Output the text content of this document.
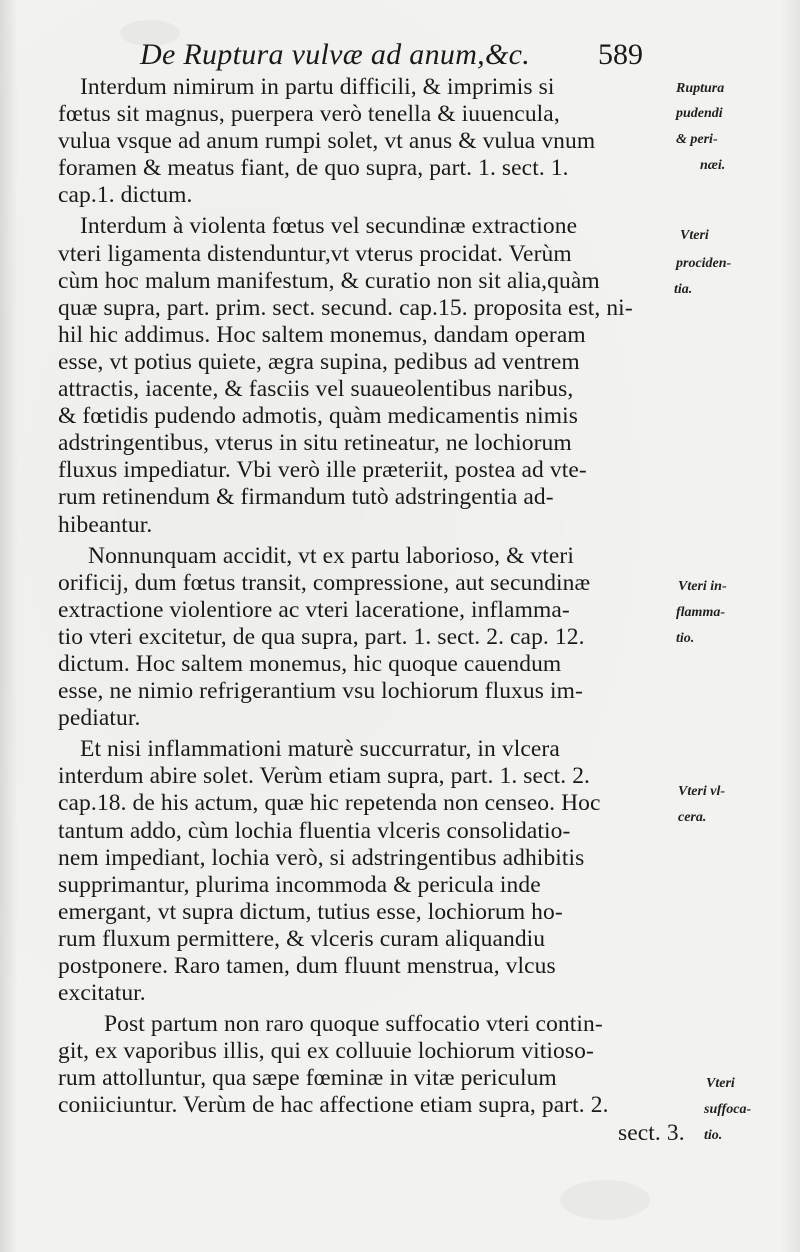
De Ruptura vulvæ ad anum,&c. 589
Interdum nimirum in partu difficili, & imprimis si
fœtus sit magnus, puerpera verò tenella & iuuencula,
vulua vsque ad anum rumpi solet, vt anus & vulua vnum
foramen & meatus fiant, de quo supra, part. 1. sect. 1.
cap.1. dictum.
Interdum à violenta fœtus vel secundinæ extractione
vteri ligamenta distenduntur,vt vterus procidat. Verùm
cùm hoc malum manifestum, & curatio non sit alia,quàm
quæ supra, part. prim. sect. secund. cap.15. proposita est, ni-
hil hic addimus. Hoc saltem monemus, dandam operam
esse, vt potius quiete, ægra supina, pedibus ad ventrem
attractis, iacente, & fasciis vel suaueolentibus naribus,
& fœtidis pudendo admotis, quàm medicamentis nimis
adstringentibus, vterus in situ retineatur, ne lochiorum
fluxus impediatur. Vbi verò ille præteriit, postea ad vte-
rum retinendum & firmandum tutò adstringentia ad-
hibeantur.
Nonnunquam accidit, vt ex partu laborioso, & vteri
orificij, dum fœtus transit, compressione, aut secundinæ
extractione violentiore ac vteri laceratione, inflamma-
tio vteri excitetur, de qua supra, part. 1. sect. 2. cap. 12.
dictum. Hoc saltem monemus, hic quoque cauendum
esse, ne nimio refrigerantium vsu lochiorum fluxus im-
pediatur.
Et nisi inflammationi maturè succurratur, in vlcera
interdum abire solet. Verùm etiam supra, part. 1. sect. 2.
cap.18. de his actum, quæ hic repetenda non censeo. Hoc
tantum addo, cùm lochia fluentia vlceris consolidatio-
nem impediant, lochia verò, si adstringentibus adhibitis
supprimantur, plurima incommoda & pericula inde
emergant, vt supra dictum, tutius esse, lochiorum ho-
rum fluxum permittere, & vlceris curam aliquandiu
postponere. Raro tamen, dum fluunt menstrua, vlcus
excitatur.
Post partum non raro quoque suffocatio vteri contin-
git, ex vaporibus illis, qui ex colluuie lochiorum vitioso-
rum attolluntur, qua sæpe fœminæ in vitæ periculum
coniiciuntur. Verùm de hac affectione etiam supra, part. 2.
sect. 3.
Ruptura
pudendi
& peri-
næi.
Vteri
prociden-
tia.
Vteri in-
flamma-
tio.
Vteri vl-
cera.
Vteri
suffoca-
tio.
